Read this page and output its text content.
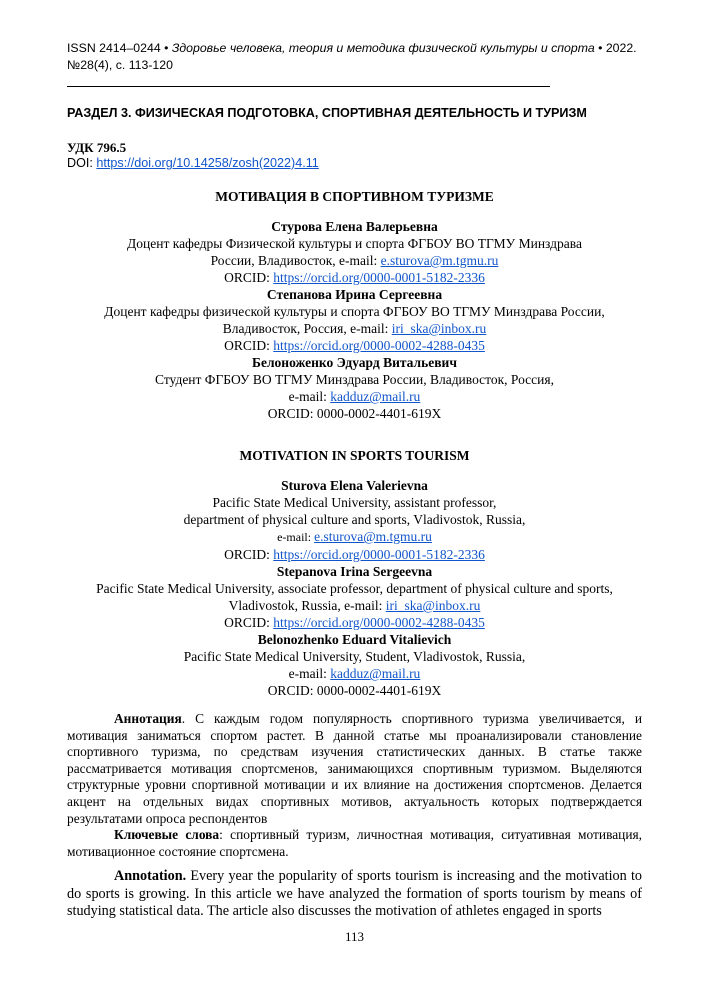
ISSN 2414–0244 • Здоровье человека, теория и методика физической культуры и спорта • 2022.
№28(4), с. 113-120
РАЗДЕЛ 3. ФИЗИЧЕСКАЯ ПОДГОТОВКА, СПОРТИВНАЯ ДЕЯТЕЛЬНОСТЬ И ТУРИЗМ
УДК 796.5
DOI: https://doi.org/10.14258/zosh(2022)4.11
МОТИВАЦИЯ В СПОРТИВНОМ ТУРИЗМЕ
Стурова Елена Валерьевна
Доцент кафедры Физической культуры и спорта ФГБОУ ВО ТГМУ Минздрава
России, Владивосток, e-mail: e.sturova@m.tgmu.ru
ORCID: https://orcid.org/0000-0001-5182-2336
Степанова Ирина Сергеевна
Доцент кафедры физической культуры и спорта ФГБОУ ВО ТГМУ Минздрава России,
Владивосток, Россия, e-mail: iri_ska@inbox.ru
ORCID: https://orcid.org/0000-0002-4288-0435
Белоноженко Эдуард Витальевич
Студент ФГБОУ ВО ТГМУ Минздрава России, Владивосток, Россия,
e-mail: kadduz@mail.ru
ORCID: 0000-0002-4401-619X
MOTIVATION IN SPORTS TOURISM
Sturova Elena Valerievna
Pacific State Medical University, assistant professor,
department of physical culture and sports, Vladivostok, Russia,
e-mail: e.sturova@m.tgmu.ru
ORCID: https://orcid.org/0000-0001-5182-2336
Stepanova Irina Sergeevna
Pacific State Medical University, associate professor, department of physical culture and sports,
Vladivostok, Russia, e-mail: iri_ska@inbox.ru
ORCID: https://orcid.org/0000-0002-4288-0435
Belonozhenko Eduard Vitalievich
Pacific State Medical University, Student, Vladivostok, Russia,
e-mail: kadduz@mail.ru
ORCID: 0000-0002-4401-619X
Аннотация. С каждым годом популярность спортивного туризма увеличивается, и мотивация заниматься спортом растет. В данной статье мы проанализировали становление спортивного туризма, по средствам изучения статистических данных. В статье также рассматривается мотивация спортсменов, занимающихся спортивным туризмом. Выделяются структурные уровни спортивной мотивации и их влияние на достижения спортсменов. Делается акцент на отдельных видах спортивных мотивов, актуальность которых подтверждается результатами опроса респондентов
Ключевые слова: спортивный туризм, личностная мотивация, ситуативная мотивация, мотивационное состояние спортсмена.
Annotation. Every year the popularity of sports tourism is increasing and the motivation to do sports is growing. In this article we have analyzed the formation of sports tourism by means of studying statistical data. The article also discusses the motivation of athletes engaged in sports
113
